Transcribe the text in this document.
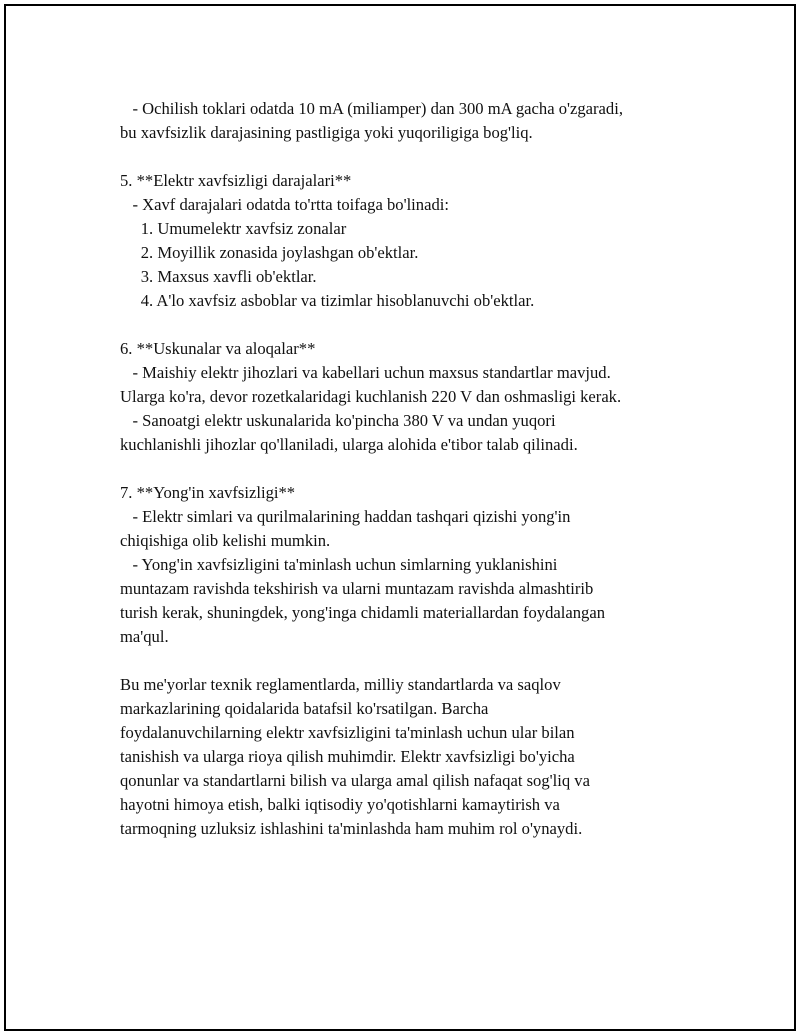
- Ochilish toklari odatda 10 mA (miliamper) dan 300 mA gacha o'zgaradi,
bu xavfsizlik darajasining pastligiga yoki yuqoriligiga bog'liq.
5. **Elektr xavfsizligi darajalari**
- Xavf darajalari odatda to'rtta toifaga bo'linadi:
1. Umumelektr xavfsiz zonalar
2. Moyillik zonasida joylashgan ob'ektlar.
3. Maxsus xavfli ob'ektlar.
4. A'lo xavfsiz asboblar va tizimlar hisoblanuvchi ob'ektlar.
6. **Uskunalar va aloqalar**
- Maishiy elektr jihozlari va kabellari uchun maxsus standartlar mavjud.
Ularga ko'ra, devor rozetkalaridagi kuchlanish 220 V dan oshmasligi kerak.
- Sanoatgi elektr uskunalarida ko'pincha 380 V va undan yuqori
kuchlanishli jihozlar qo'llaniladi, ularga alohida e'tibor talab qilinadi.
7. **Yong'in xavfsizligi**
- Elektr simlari va qurilmalarining haddan tashqari qizishi yong'in
chiqishiga olib kelishi mumkin.
- Yong'in xavfsizligini ta'minlash uchun simlarning yuklanishini
muntazam ravishda tekshirish va ularni muntazam ravishda almashtirib
turish kerak, shuningdek, yong'inga chidamli materiallardan foydalangan
ma'qul.
Bu me'yorlar texnik reglamentlarda, milliy standartlarda va saqlov
markazlarining qoidalarida batafsil ko'rsatilgan. Barcha
foydalanuvchilarning elektr xavfsizligini ta'minlash uchun ular bilan
tanishish va ularga rioya qilish muhimdir. Elektr xavfsizligi bo'yicha
qonunlar va standartlarni bilish va ularga amal qilish nafaqat sog'liq va
hayotni himoya etish, balki iqtisodiy yo'qotishlarni kamaytirish va
tarmoqning uzluksiz ishlashini ta'minlashda ham muhim rol o'ynaydi.
